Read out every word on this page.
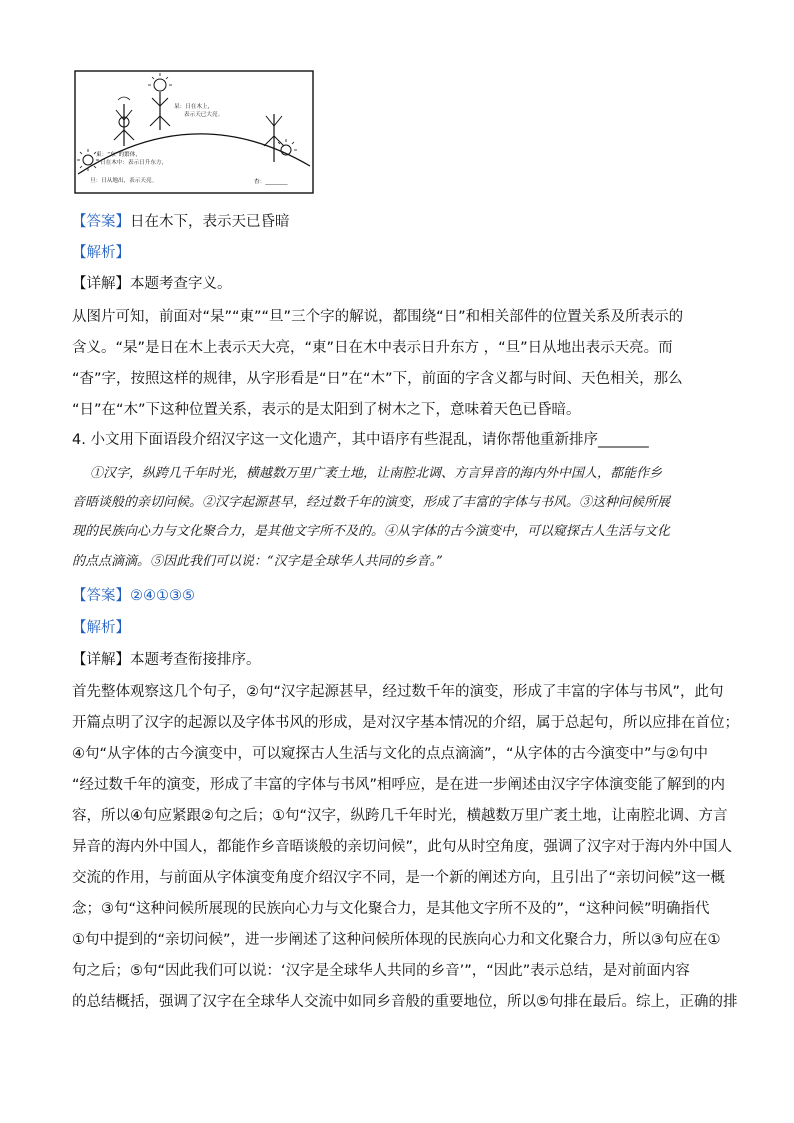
杲：日在木上，
表示天已大亮。
東：“东”的繁体，
日在木中：表示日升东方，
旦：日从地出，表示天亮。	杳：________
【答案】日在木下，表示天已昏暗
【解析】
【详解】本题考查字义。
从图片可知，前面对“杲”“東”“旦”三个字的解说，都围绕“日”和相关部件的位置关系及所表示的
含义。“杲”是日在木上表示天大亮，“東”日在木中表示日升东方 ，“旦”日从地出表示天亮。而
“杳”字，按照这样的规律，从字形看是“日”在“木”下，前面的字含义都与时间、天色相关，那么
“日”在“木”下这种位置关系，表示的是太阳到了树木之下，意味着天色已昏暗。
4. 小文用下面语段介绍汉字这一文化遗产，其中语序有些混乱，请你帮他重新排序_______
①汉字，纵跨几千年时光，横越数万里广袤土地，让南腔北调、方言异音的海内外中国人，都能作乡
音晤谈般的亲切问候。②汉字起源甚早，经过数千年的演变，形成了丰富的字体与书风。③这种问候所展
现的民族向心力与文化聚合力，是其他文字所不及的。④从字体的古今演变中，可以窥探古人生活与文化
的点点滴滴。⑤因此我们可以说：“汉字是全球华人共同的乡音。”
【答案】②④①③⑤
【解析】
【详解】本题考查衔接排序。
首先整体观察这几个句子，②句“汉字起源甚早，经过数千年的演变，形成了丰富的字体与书风”，此句
开篇点明了汉字的起源以及字体书风的形成，是对汉字基本情况的介绍，属于总起句，所以应排在首位；
④句“从字体的古今演变中，可以窥探古人生活与文化的点点滴滴”，“从字体的古今演变中”与②句中
“经过数千年的演变，形成了丰富的字体与书风”相呼应，是在进一步阐述由汉字字体演变能了解到的内
容，所以④句应紧跟②句之后；①句“汉字，纵跨几千年时光，横越数万里广袤土地，让南腔北调、方言
异音的海内外中国人，都能作乡音晤谈般的亲切问候”，此句从时空角度，强调了汉字对于海内外中国人
交流的作用，与前面从字体演变角度介绍汉字不同，是一个新的阐述方向，且引出了“亲切问候”这一概
念；③句“这种问候所展现的民族向心力与文化聚合力，是其他文字所不及的”，“这种问候”明确指代
①句中提到的“亲切问候”，进一步阐述了这种问候所体现的民族向心力和文化聚合力，所以③句应在①
句之后；⑤句“因此我们可以说：‘汉字是全球华人共同的乡音’”，“因此”表示总结，是对前面内容
的总结概括，强调了汉字在全球华人交流中如同乡音般的重要地位，所以⑤句排在最后。综上，正确的排
